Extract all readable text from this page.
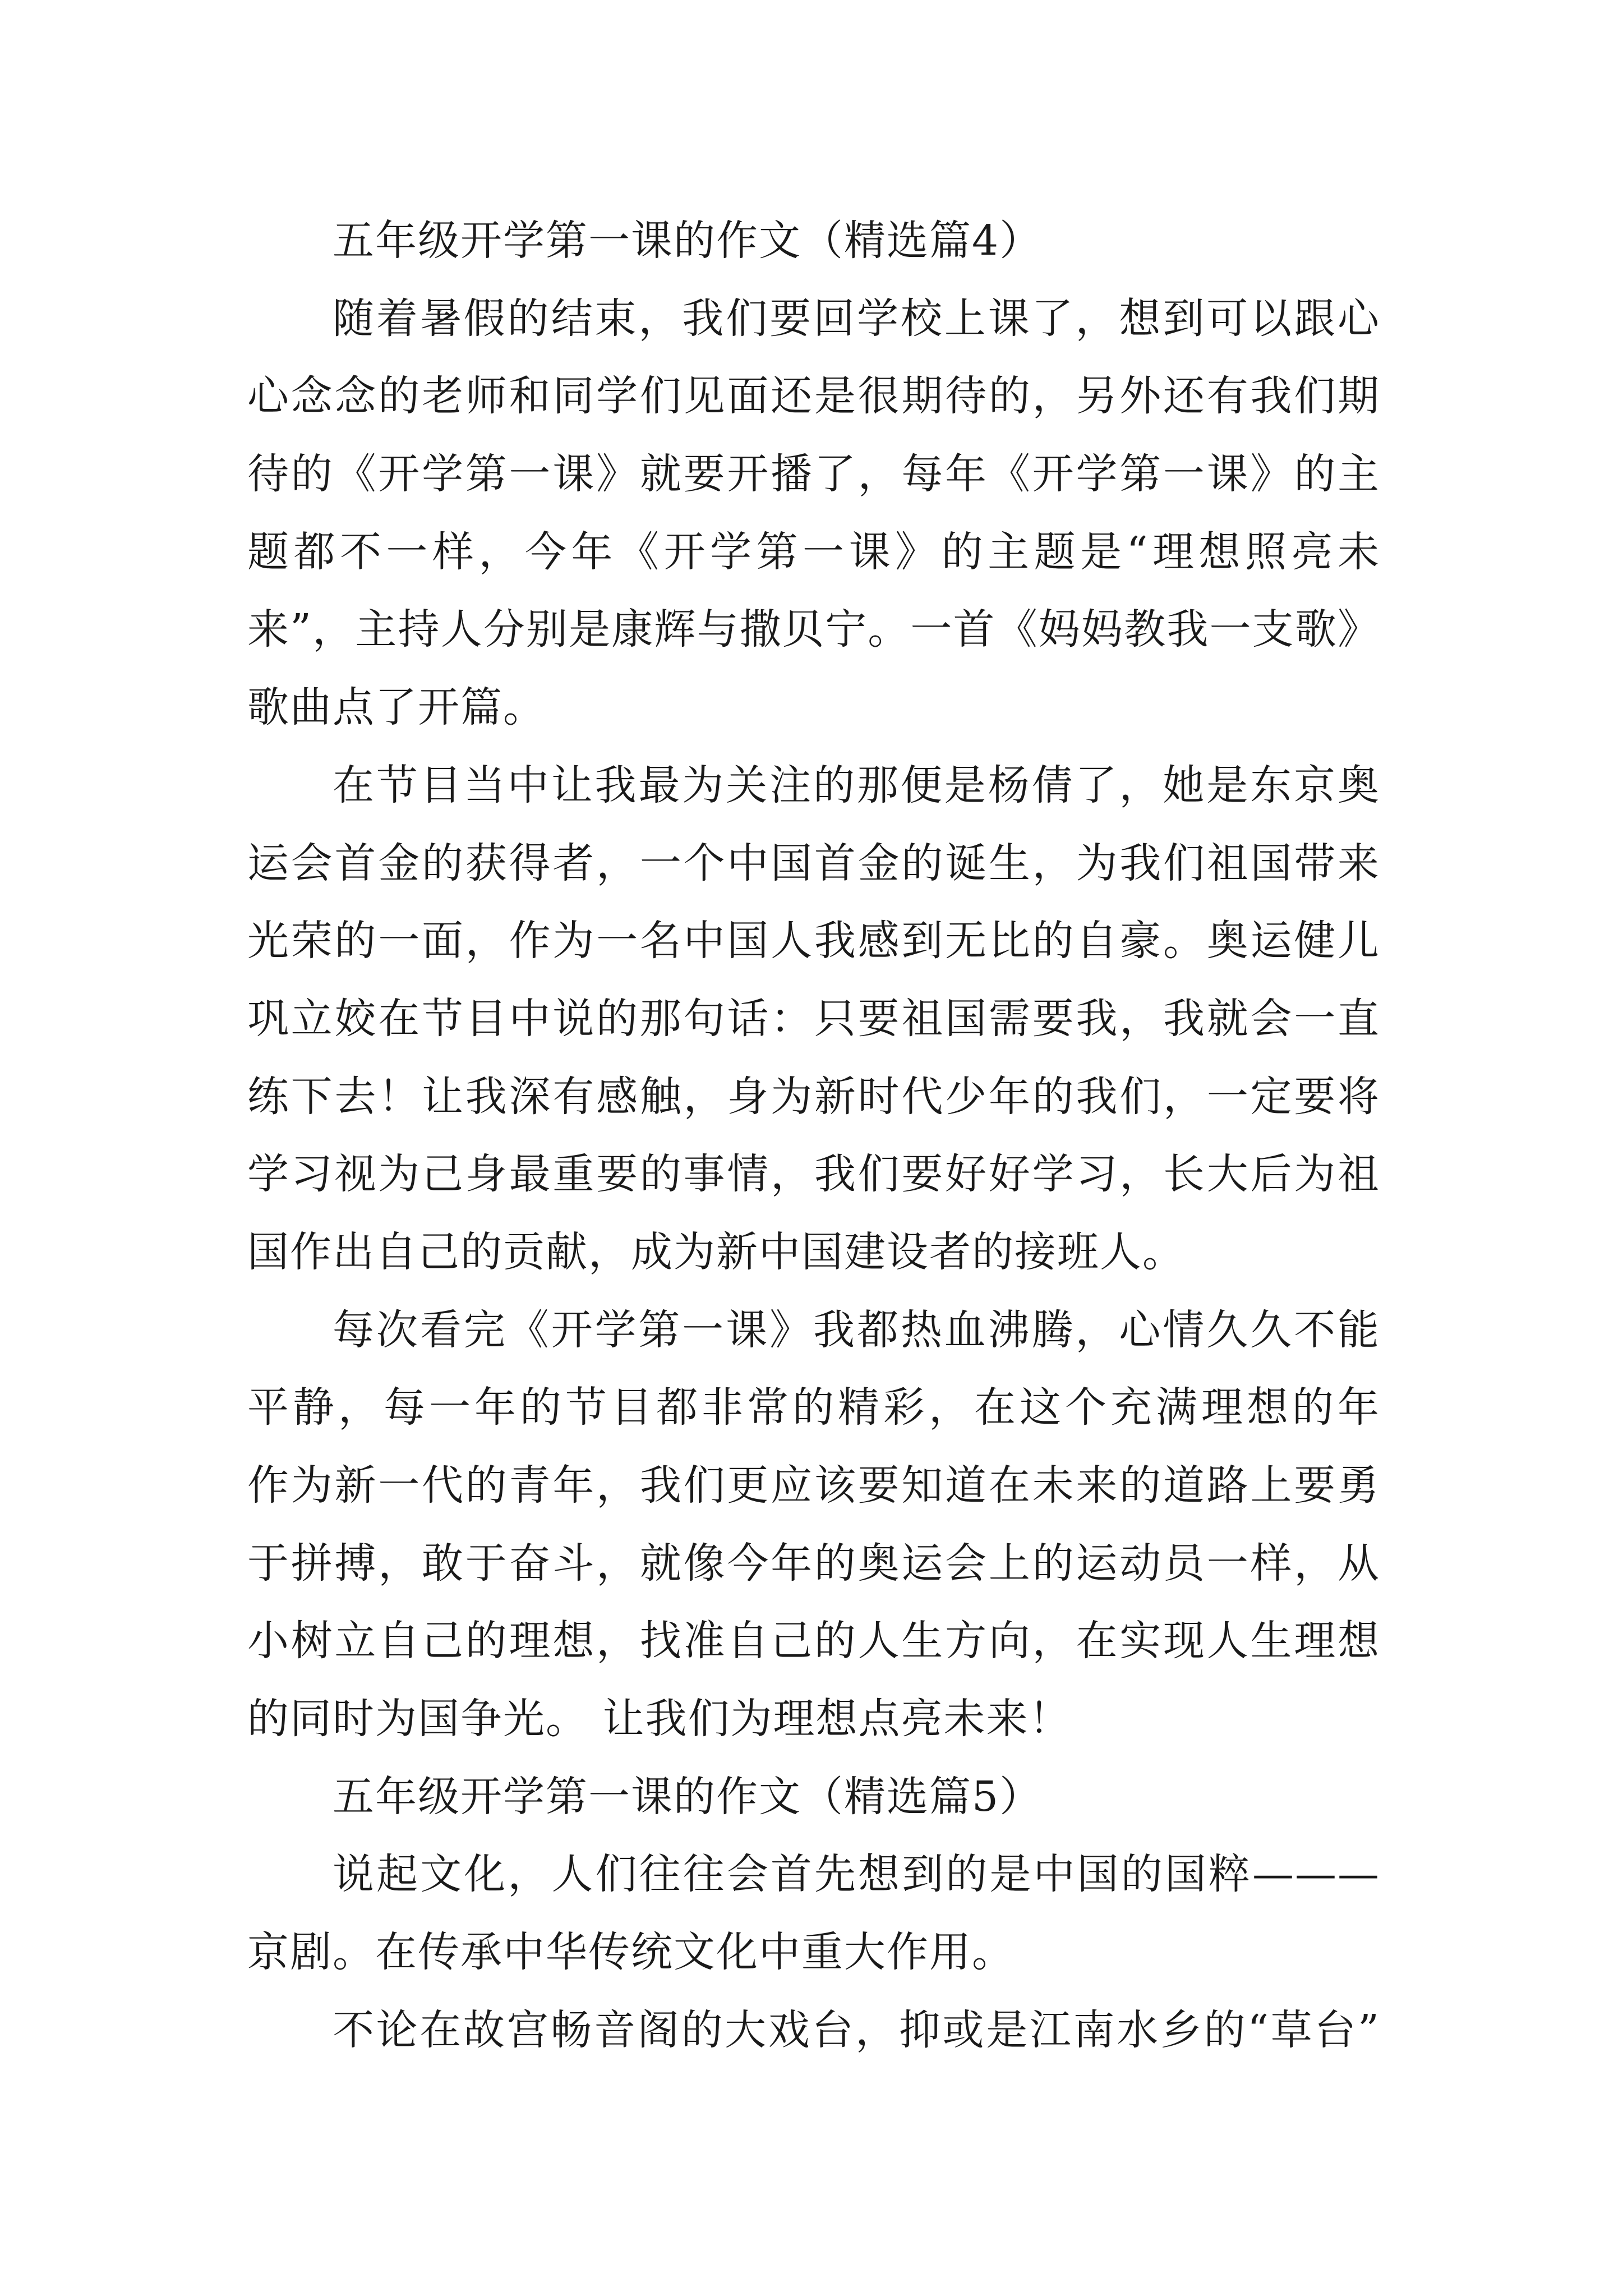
五年级开学第一课的作文（精选篇4）
随着暑假的结束，我们要回学校上课了，想到可以跟心
心念念的老师和同学们见面还是很期待的，另外还有我们期
待的《开学第一课》就要开播了，每年《开学第一课》的主
题都不一样，今年《开学第一课》的主题是“理想照亮未
来”，主持人分别是康辉与撒贝宁。一首《妈妈教我一支歌》
歌曲点了开篇。
在节目当中让我最为关注的那便是杨倩了，她是东京奥
运会首金的获得者，一个中国首金的诞生，为我们祖国带来
光荣的一面，作为一名中国人我感到无比的自豪。奥运健儿
巩立姣在节目中说的那句话：只要祖国需要我，我就会一直
练下去！让我深有感触，身为新时代少年的我们，一定要将
学习视为己身最重要的事情，我们要好好学习，长大后为祖
国作出自己的贡献，成为新中国建设者的接班人。
每次看完《开学第一课》我都热血沸腾，心情久久不能
平静，每一年的节目都非常的精彩，在这个充满理想的年
作为新一代的青年，我们更应该要知道在未来的道路上要勇
于拼搏，敢于奋斗，就像今年的奥运会上的运动员一样，从
小树立自己的理想，找准自己的人生方向，在实现人生理想
的同时为国争光。 让我们为理想点亮未来！
五年级开学第一课的作文（精选篇5）
说起文化，人们往往会首先想到的是中国的国粹———
京剧。在传承中华传统文化中重大作用。
不论在故宫畅音阁的大戏台，抑或是江南水乡的“草台”
